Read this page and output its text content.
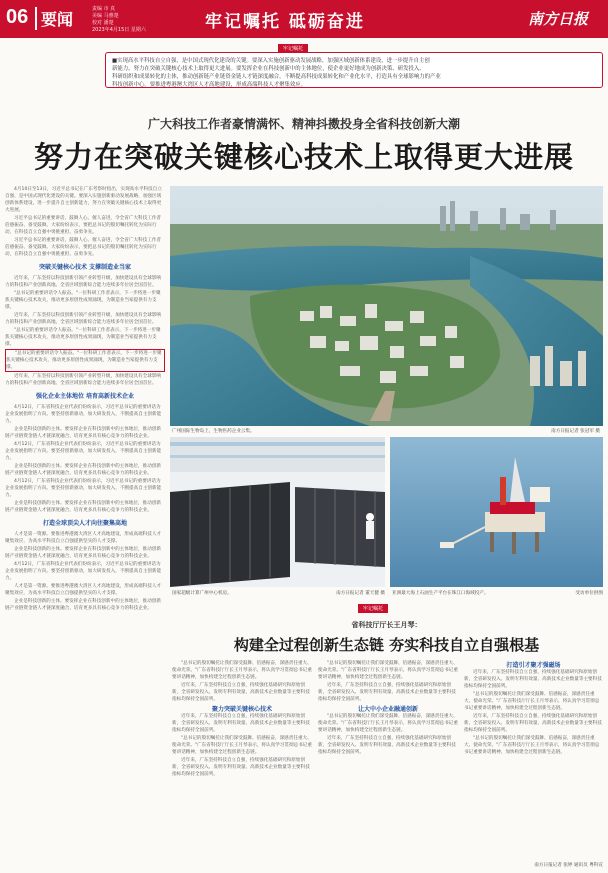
06 要闻
责编 市 真
美编 马雅楚
校对 潘楚
2023年4月15日 星期六	牢记嘱托 砥砺奋进	南方日报
牢记嘱托
■实现高水平科技自立自强，是中国式现代化建设的关键。要深入实施创新驱动发展战略，加强区域创新体系建设，进一步提升自主创
新能力，努力在突破关键核心技术上取得更大进展。要发挥企业在科技创新中的主体地位，使企业更好地成为创新决策、研发投入、
科研组织和成果转化的主体，推动创新链产业链资金链人才链深度融合，不断提高科技成果转化和产业化水平，打造具有全球影响力的产业
科技创新中心。要推进粤港澳大湾区人才高地建设，形成高端科技人才聚集效应。
广大科技工作者豪情满怀、精神抖擞投身全省科技创新大潮
努力在突破关键核心技术上取得更大进展

4月10日至13日，习近平总书记在广东考察时指出，实现高水平科技自立自强，是中国式现代化建设的关键。要深入实施创新驱动发展战略，加强区域创新体系建设，进一步提升自主创新能力，努力在突破关键核心技术上取得更大进展。

习近平总书记的重要讲话，鼓舞人心、催人奋进，令全省广大科技工作者倍感振奋、备受鼓舞。大家纷纷表示，要把总书记的殷切嘱托转化为实际行动，在科技自立自强中勇挑重担、奋勇争先。

习近平总书记的重要讲话，鼓舞人心、催人奋进，令全省广大科技工作者倍感振奋、备受鼓舞。大家纷纷表示，要把总书记的殷切嘱托转化为实际行动，在科技自立自强中勇挑重担、奋勇争先。

突破关键核心技术 支撑制造业当家

近年来，广东坚持以科技创新引领产业转型升级，加快建设具有全球影响力的科技和产业创新高地。全省区域创新综合能力连续多年位居全国首位。

"总书记的重要讲话令人振奋。"一位科研工作者表示，下一步将进一步聚焦关键核心技术攻关，推动更多原创性成果涌现，为制造业当家提供有力支撑。

近年来，广东坚持以科技创新引领产业转型升级，加快建设具有全球影响力的科技和产业创新高地。全省区域创新综合能力连续多年位居全国首位。

"总书记的重要讲话令人振奋。"一位科研工作者表示，下一步将进一步聚焦关键核心技术攻关，推动更多原创性成果涌现，为制造业当家提供有力支撑。

"总书记的重要讲话令人振奋。"一位科研工作者表示，下一步将进一步聚焦关键核心技术攻关，推动更多原创性成果涌现，为制造业当家提供有力支撑。

近年来，广东坚持以科技创新引领产业转型升级，加快建设具有全球影响力的科技和产业创新高地。全省区域创新综合能力连续多年位居全国首位。

强化企业主体地位 培育高新技术企业

4月12日，广东省科技企业代表们纷纷表示，习近平总书记的重要讲话为企业发展指明了方向。要坚持创新驱动，加大研发投入，不断提高自主创新能力。

企业是科技创新的主体。要发挥企业在科技创新中的主体地位，推动创新链产业链资金链人才链深度融合，培育更多具有核心竞争力的科技企业。

4月12日，广东省科技企业代表们纷纷表示，习近平总书记的重要讲话为企业发展指明了方向。要坚持创新驱动，加大研发投入，不断提高自主创新能力。

企业是科技创新的主体。要发挥企业在科技创新中的主体地位，推动创新链产业链资金链人才链深度融合，培育更多具有核心竞争力的科技企业。

4月12日，广东省科技企业代表们纷纷表示，习近平总书记的重要讲话为企业发展指明了方向。要坚持创新驱动，加大研发投入，不断提高自主创新能力。

企业是科技创新的主体。要发挥企业在科技创新中的主体地位，推动创新链产业链资金链人才链深度融合，培育更多具有核心竞争力的科技企业。

打造全球顶尖人才向往聚集高地

人才是第一资源。要推进粤港澳大湾区人才高地建设，形成高端科技人才聚集效应，为高水平科技自立自强提供坚实的人才支撑。

企业是科技创新的主体。要发挥企业在科技创新中的主体地位，推动创新链产业链资金链人才链深度融合，培育更多具有核心竞争力的科技企业。

4月12日，广东省科技企业代表们纷纷表示，习近平总书记的重要讲话为企业发展指明了方向。要坚持创新驱动，加大研发投入，不断提高自主创新能力。

人才是第一资源。要推进粤港澳大湾区人才高地建设，形成高端科技人才聚集效应，为高水平科技自立自强提供坚实的人才支撑。

企业是科技创新的主体。要发挥企业在科技创新中的主体地位，推动创新链产业链资金链人才链深度融合，培育更多具有核心竞争力的科技企业。

广州国际生物岛上，生物医药企业云集。	南方日报记者 张冠军 摄
国家超级计算广州中心机房。	南方日报记者 董天健 摄 亚洲最大海上石油生产平台在珠江口海域投产。	受访单位供图
牢记嘱托
省科技厅厅长王月琴：
构建全过程创新生态链 夯实科技自立自强根基

"总书记的殷切嘱托让我们深受鼓舞、倍感振奋，深感责任重大、使命光荣。"广东省科技厅厅长王月琴表示，将认真学习贯彻总书记重要讲话精神，加快构建全过程创新生态链。

近年来，广东坚持科技自立自强，持续强化基础研究和原始创新，全省研发投入、发明专利有效量、高新技术企业数量等主要科技指标均保持全国前列。

聚力突破关键核心技术

近年来，广东坚持科技自立自强，持续强化基础研究和原始创新，全省研发投入、发明专利有效量、高新技术企业数量等主要科技指标均保持全国前列。

"总书记的殷切嘱托让我们深受鼓舞、倍感振奋，深感责任重大、使命光荣。"广东省科技厅厅长王月琴表示，将认真学习贯彻总书记重要讲话精神，加快构建全过程创新生态链。

近年来，广东坚持科技自立自强，持续强化基础研究和原始创新，全省研发投入、发明专利有效量、高新技术企业数量等主要科技指标均保持全国前列。

"总书记的殷切嘱托让我们深受鼓舞、倍感振奋，深感责任重大、使命光荣。"广东省科技厅厅长王月琴表示，将认真学习贯彻总书记重要讲话精神，加快构建全过程创新生态链。

近年来，广东坚持科技自立自强，持续强化基础研究和原始创新，全省研发投入、发明专利有效量、高新技术企业数量等主要科技指标均保持全国前列。

让大中小企业融通创新

"总书记的殷切嘱托让我们深受鼓舞、倍感振奋，深感责任重大、使命光荣。"广东省科技厅厅长王月琴表示，将认真学习贯彻总书记重要讲话精神，加快构建全过程创新生态链。

近年来，广东坚持科技自立自强，持续强化基础研究和原始创新，全省研发投入、发明专利有效量、高新技术企业数量等主要科技指标均保持全国前列。

打造引才聚才强磁场

近年来，广东坚持科技自立自强，持续强化基础研究和原始创新，全省研发投入、发明专利有效量、高新技术企业数量等主要科技指标均保持全国前列。

"总书记的殷切嘱托让我们深受鼓舞、倍感振奋，深感责任重大、使命光荣。"广东省科技厅厅长王月琴表示，将认真学习贯彻总书记重要讲话精神，加快构建全过程创新生态链。

近年来，广东坚持科技自立自强，持续强化基础研究和原始创新，全省研发投入、发明专利有效量、高新技术企业数量等主要科技指标均保持全国前列。

"总书记的殷切嘱托让我们深受鼓舞、倍感振奋，深感责任重大、使命光荣。"广东省科技厅厅长王月琴表示，将认真学习贯彻总书记重要讲话精神，加快构建全过程创新生态链。

南方日报记者 张婷 通讯员 粤科宣
